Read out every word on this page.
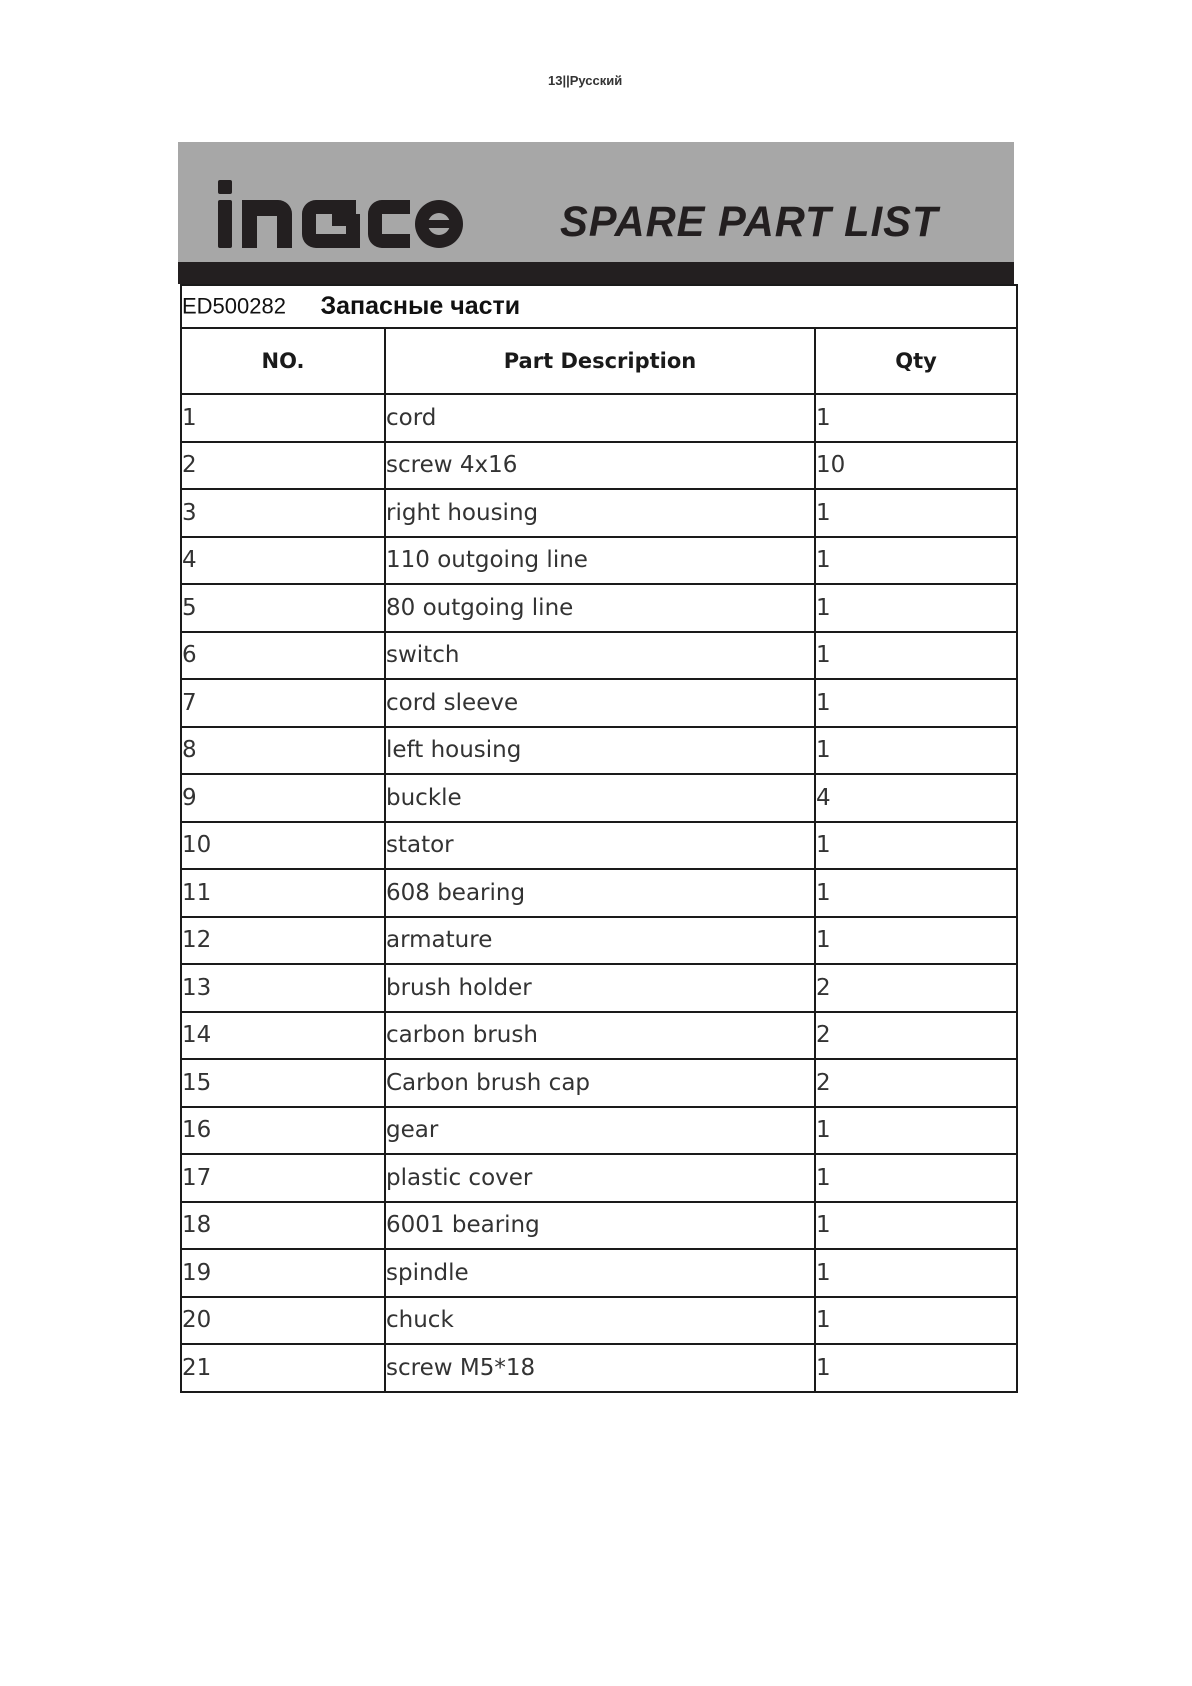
13||Русский
SPARE PART LIST
ED500282 Запасные части		
NO.	Part Description	Qty
1	cord	1
2	screw 4x16	10
3	right housing	1
4	110 outgoing line	1
5	80 outgoing line	1
6	switch	1
7	cord sleeve	1
8	left housing	1
9	buckle	4
10	stator	1
11	608 bearing	1
12	armature	1
13	brush holder	2
14	carbon brush	2
15	Carbon brush cap	2
16	gear	1
17	plastic cover	1
18	6001 bearing	1
19	spindle	1
20	chuck	1
21	screw M5*18	1
